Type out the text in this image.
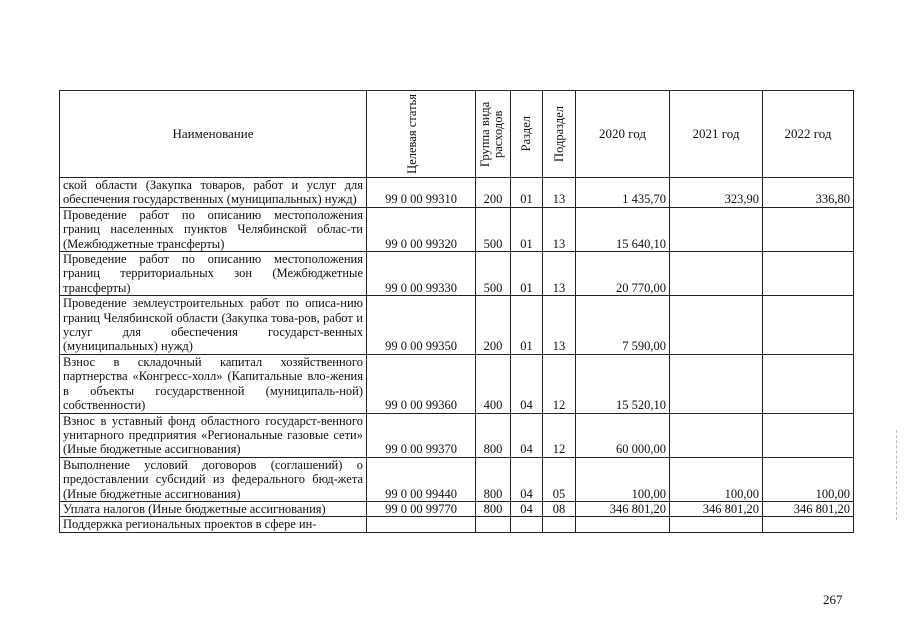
Наименование	Целевая статья	Группа вида расходов	Раздел	Подраздел	2020 год	2021 год	2022 год
ской области (Закупка товаров, работ и услуг для обеспечения государственных (муниципальных) нужд)	99 0 00 99310	200	01	13	1 435,70	323,90	336,80
Проведение работ по описанию местоположения границ населенных пунктов Челябинской облас-ти (Межбюджетные трансферты)	99 0 00 99320	500	01	13	15 640,10		
Проведение работ по описанию местоположения границ территориальных зон (Межбюджетные трансферты)	99 0 00 99330	500	01	13	20 770,00		
Проведение землеустроительных работ по описа-нию границ Челябинской области (Закупка това-ров, работ и услуг для обеспечения государст-венных (муниципальных) нужд)	99 0 00 99350	200	01	13	7 590,00		
Взнос в складочный капитал хозяйственного партнерства «Конгресс-холл» (Капитальные вло-жения в объекты государственной (муниципаль-ной) собственности)	99 0 00 99360	400	04	12	15 520,10		
Взнос в уставный фонд областного государст-венного унитарного предприятия «Региональные газовые сети» (Иные бюджетные ассигнования)	99 0 00 99370	800	04	12	60 000,00		
Выполнение условий договоров (соглашений) о предоставлении субсидий из федерального бюд-жета (Иные бюджетные ассигнования)	99 0 00 99440	800	04	05	100,00	100,00	100,00
Уплата налогов (Иные бюджетные ассигнования)	99 0 00 99770	800	04	08	346 801,20	346 801,20	346 801,20
Поддержка региональных проектов в сфере ин-							
267
